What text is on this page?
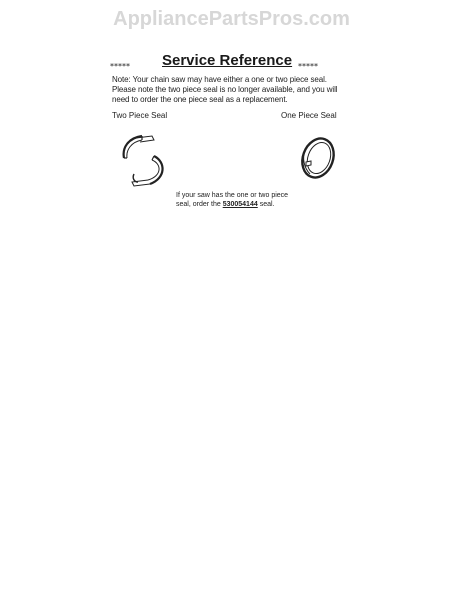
AppliancePartsPros.com
***** Service Reference *****
Note: Your chain saw may have either a one or two piece seal. Please note the two piece seal is no longer available, and you will need to order the one piece seal as a replacement.
Two Piece Seal	One Piece Seal
If your saw has the one or two piece seal, order the 530054144 seal.
